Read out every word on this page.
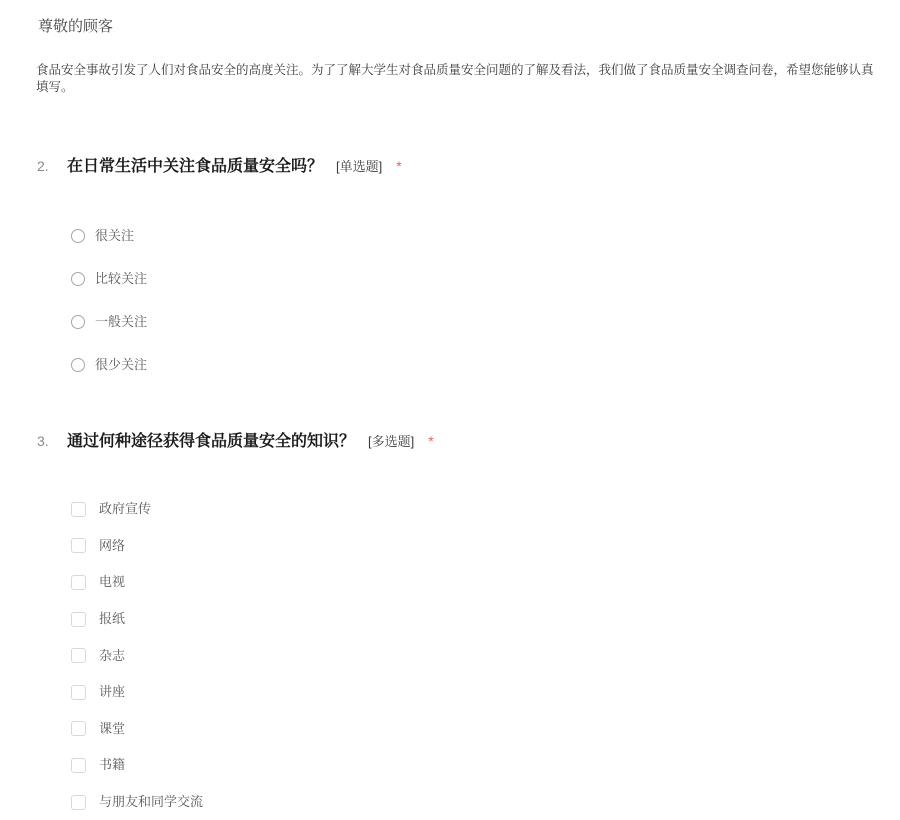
尊敬的顾客

食品安全事故引发了人们对食品安全的高度关注。为了了解大学生对食品质量安全问题的了解及看法，我们做了食品质量安全调查问卷，希望您能够认真填写。

2.	在日常生活中关注食品质量安全吗？ [单选题] *
很关注
比较关注
一般关注
很少关注
3.	通过何种途径获得食品质量安全的知识？ [多选题] *
政府宣传
网络
电视
报纸
杂志
讲座
课堂
书籍
与朋友和同学交流
